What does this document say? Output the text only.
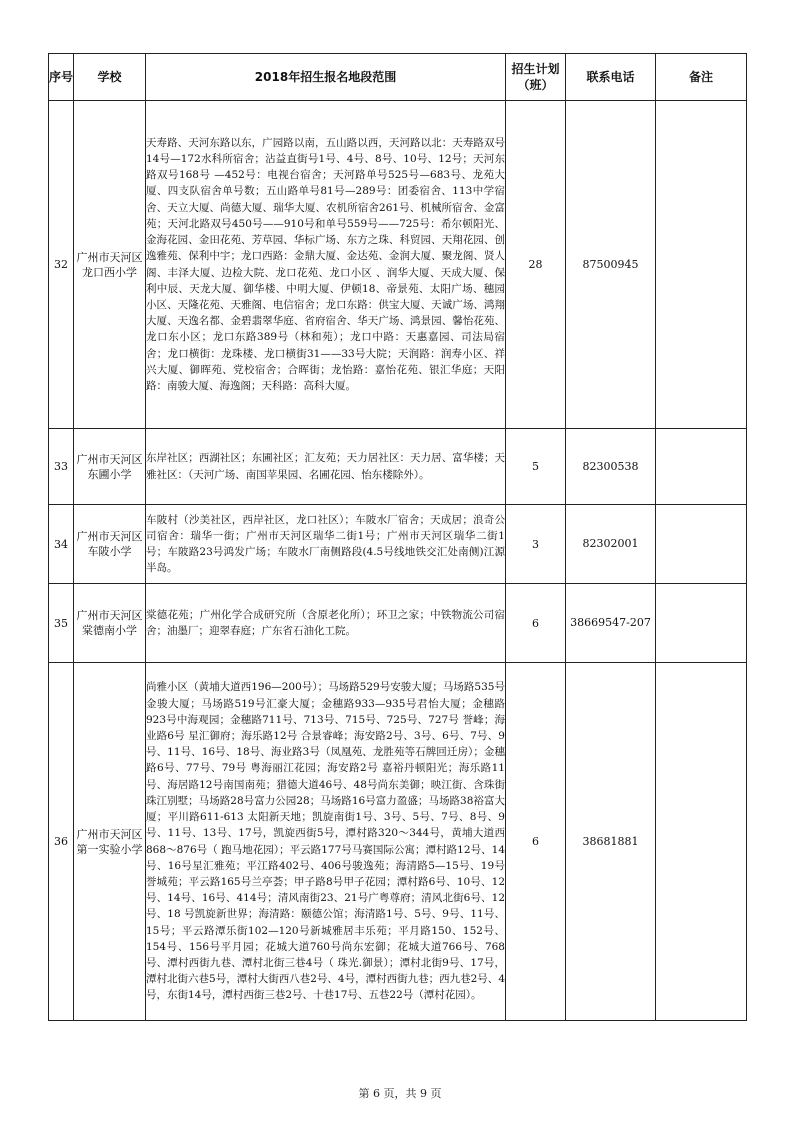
序号	学校	2018年招生报名地段范围	招生计划（班）	联系电话	备注
32	广州市天河区龙口西小学	天寿路、天河东路以东，广园路以南，五山路以西，天河路以北：天寿路双号14号—172水科所宿舍；沾益直街号1号、4号、8号、10号、12号；天河东路双号168号 —452号：电视台宿舍；天河路单号525号—683号、龙苑大厦、四支队宿舍单号数；五山路单号81号—289号：团委宿舍、113中学宿舍、天立大厦、尚德大厦、瑞华大厦、农机所宿舍261号、机械所宿舍、金富苑；天河北路双号450号——910号和单号559号——725号：希尔顿阳光、金海花园、金田花苑、芳草园、华标广场、东方之珠、科贸园、天翔花园、创逸雅苑、保利中宇；龙口西路：金鼎大厦、金达苑、金润大厦、聚龙阁、贤人阁、丰泽大厦、边检大院、龙口花苑、龙口小区 、润华大厦、天成大厦、保利中辰、天龙大厦、御华楼、中明大厦、伊顿18、帝景苑、太阳广场、穗园小区、天隆花苑、天雅阁、电信宿舍；龙口东路：供宝大厦、天诚广场、鸿翔大厦、天逸名都、金碧翡翠华庭、省府宿舍、华天广场、鸿景园、馨怡花苑、龙口东小区；龙口东路389号（林和苑）；龙口中路：天惠嘉园、司法局宿舍；龙口横街：龙珠楼、龙口横街31——33号大院；天润路：润寿小区、祥兴大厦、御晖苑、党校宿舍；合晖街；龙怡路：嘉怡花苑、银汇华庭；天阳路：南骏大厦、海逸阁；天科路：高科大厦。	28	87500945	
33	广州市天河区东圃小学	东岸社区；西湖社区；东圃社区；汇友苑；天力居社区：天力居、富华楼；天雅社区：（天河广场、南国苹果园、名圃花园、怡东楼除外）。	5	82300538	
34	广州市天河区车陂小学	车陂村（沙美社区，西岸社区，龙口社区）；车陂水厂宿舍；天成居；浪奇公司宿舍：瑞华一街；广州市天河区瑞华二街1号；广州市天河区瑞华二街1号；车陂路23号鸿发广场；车陂水厂南侧路段(4.5号线地铁交汇处南侧)江源半岛。	3	82302001	
35	广州市天河区棠德南小学	棠德花苑；广州化学合成研究所（含原老化所）；环卫之家；中铁物流公司宿舍；油墨厂；迎翠春庭；广东省石油化工院。	6	38669547-207	
36	广州市天河区第一实验小学	尚雅小区（黄埔大道西196—200号）；马场路529号安骏大厦；马场路535号金骏大厦；马场路519号汇豪大厦；金穗路933—935号君怡大厦；金穗路923号中海观园；金穗路711号、713号、715号、725号、727号 誉峰；海业路6号 星汇御府；海乐路12号 合景睿峰；海安路2号、3号、6号、7号、9号、11号、16号、18号、海业路3号（凤凰苑、龙胜苑等石牌回迁房）；金穗路6号、77号、79号 粤海丽江花园；海安路2号 嘉裕丹顿阳光；海乐路11号、海居路12号南国南苑；猎德大道46号、48号尚东美御；映江街、含珠街珠江别墅；马场路28号富力公园28；马场路16号富力盈盛；马场路38裕富大厦；平川路611-613 太阳新天地；凯旋南街1号、3号、5号、7号、8号、9号、11号、13号、17号，凯旋西街5号，潭村路320～344号，黄埔大道西868～876号（ 跑马地花园）；平云路177号马赛国际公寓；潭村路12号、14号、16号星汇雅苑；平江路402号、406号骏逸苑；海清路5—15号、19号誉城苑；平云路165号兰亭荟；甲子路8号甲子花园；潭村路6号、10号、12号、14号、16号、414号；清风南街23、21号广粤尊府；清风北街6号、12号、18 号凯旋新世界；海清路：颐德公馆；海清路1号、5号、9号、11号、15号；平云路潭乐街102—120号新城雅居丰乐苑；平月路150、152号、154号、156号平月园；花城大道760号尚东宏御；花城大道766号、768号、潭村西街九巷、潭村北街三巷4号（ 珠光.御景）；潭村北街9号、17号，潭村北街六巷5号，潭村大街西八巷2号、4号，潭村西街九巷；西九巷2号、4号，东街14号，潭村西街三巷2号、十巷17号、五巷22号（潭村花园）。	6	38681881	
第 6 页，共 9 页
